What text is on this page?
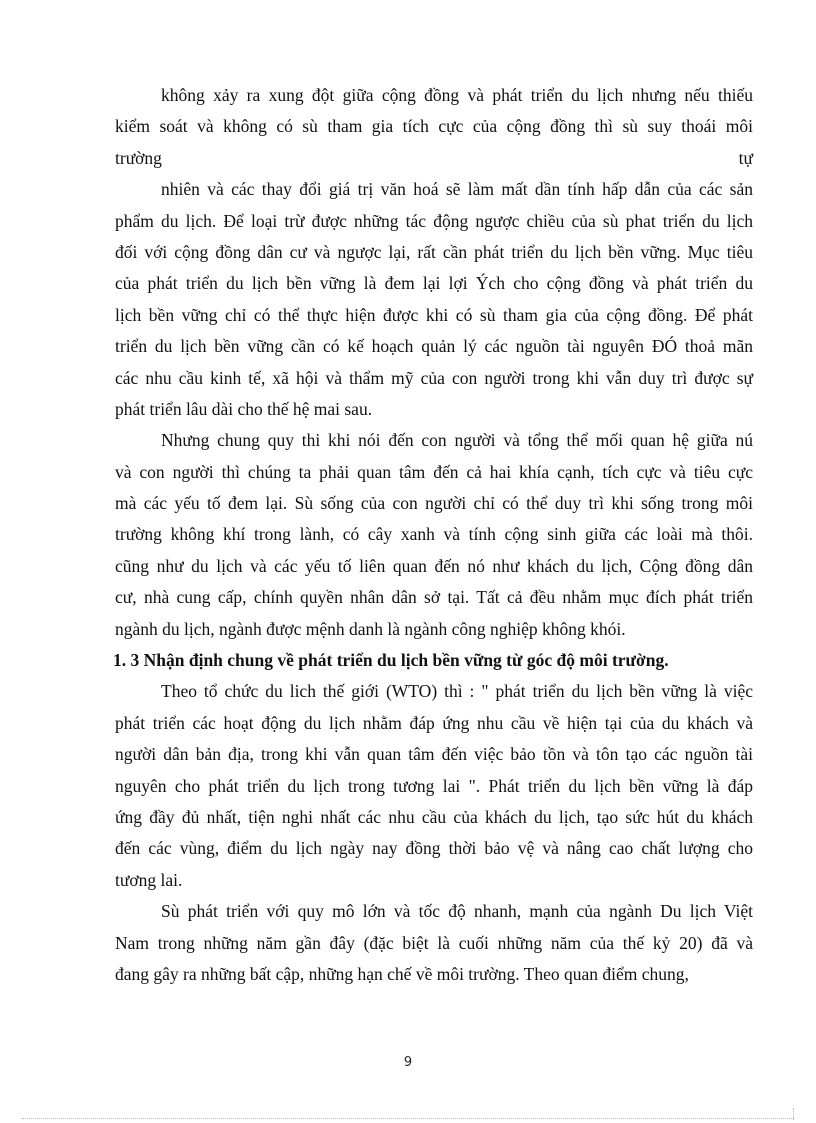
không xảy ra xung đột giữa cộng đồng và phát triển du lịch nhưng nếu thiếu
kiểm soát và không có sù tham gia tích cực của cộng đồng thì sù suy thoái môi
trường	tự
nhiên và các thay đổi giá trị văn hoá sẽ làm mất dần tính hấp dẫn của các sản
phẩm du lịch. Để loại trừ được những tác động ngược chiều của sù phat triển du lịch
đối với cộng đồng dân cư và ngược lại, rất cần phát triển du lịch bền vững. Mục tiêu
của phát triển du lịch bền vững là đem lại lợi Ých cho cộng đồng và phát triển du
lịch bền vững chỉ có thể thực hiện được khi có sù tham gia của cộng đồng. Để phát
triển du lịch bền vững cần có kế hoạch quản lý các nguồn tài nguyên ĐÓ thoả mãn
các nhu cầu kinh tế, xã hội và thẩm mỹ của con người trong khi vẫn duy trì được sự
phát triển lâu dài cho thế hệ mai sau.
Nhưng chung quy thi khi nói đến con người và tổng thể mối quan hệ giữa nú
và con người thì chúng ta phải quan tâm đến cả hai khía cạnh, tích cực và tiêu cực
mà các yếu tố đem lại. Sù sống của con người chỉ có thể duy trì khi sống trong môi
trường không khí trong lành, có cây xanh và tính cộng sinh giữa các loài mà thôi.
cũng như du lịch và các yếu tố liên quan đến nó như khách du lịch, Cộng đồng dân
cư, nhà cung cấp, chính quyền nhân dân sở tại. Tất cả đều nhằm mục đích phát triển
ngành du lịch, ngành được mệnh danh là ngành công nghiệp không khói.
1. 3 Nhận định chung về phát triển du lịch bền vững từ góc độ môi trường.
Theo tổ chức du lich thế giới (WTO) thì : " phát triển du lịch bền vững là việc
phát triển các hoạt động du lịch nhằm đáp ứng nhu cầu về hiện tại của du khách và
người dân bản địa, trong khi vẫn quan tâm đến việc bảo tồn và tôn tạo các nguồn tài
nguyên cho phát triển du lịch trong tương lai ". Phát triển du lịch bền vững là đáp
ứng đầy đủ nhất, tiện nghi nhất các nhu cầu của khách du lịch, tạo sức hút du khách
đến các vùng, điểm du lịch ngày nay đồng thời bảo vệ và nâng cao chất lượng cho
tương lai.
Sù phát triển với quy mô lớn và tốc độ nhanh, mạnh của ngành Du lịch Việt
Nam trong những năm gần đây (đặc biệt là cuối những năm của thế kỷ 20) đã và
đang gây ra những bất cập, những hạn chế về môi trường. Theo quan điểm chung,
9
